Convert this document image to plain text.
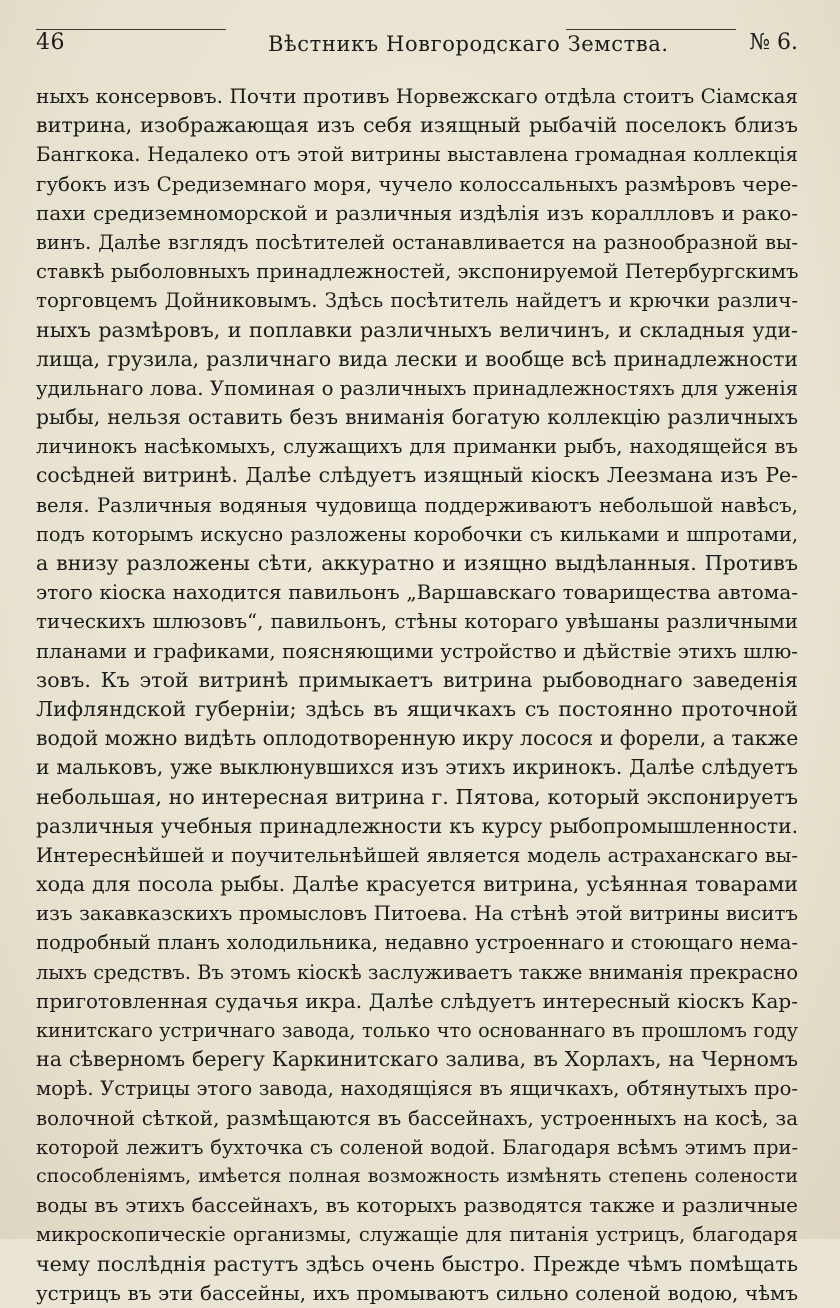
46	Вѣстникъ Новгородскаго Земства.	№ 6.
ныхъ консервовъ. Почти противъ Норвежскаго отдѣла стоитъ Сіамская
витрина, изображающая изъ себя изящный рыбачій поселокъ близъ
Бангкока. Недалеко отъ этой витрины выставлена громадная коллекція
губокъ изъ Средиземнаго моря, чучело колоссальныхъ размѣровъ чере-
пахи средиземноморской и различныя издѣлія изъ кораллловъ и рако-
винъ. Далѣе взглядъ посѣтителей останавливается на разнообразной вы-
ставкѣ рыболовныхъ принадлежностей, экспонируемой Петербургскимъ
торговцемъ Дойниковымъ. Здѣсь посѣтитель найдетъ и крючки различ-
ныхъ размѣровъ, и поплавки различныхъ величинъ, и складныя уди-
лища, грузила, различнаго вида лески и вообще всѣ принадлежности
удильнаго лова. Упоминая о различныхъ принадлежностяхъ для уженія
рыбы, нельзя оставить безъ вниманія богатую коллекцію различныхъ
личинокъ насѣкомыхъ, служащихъ для приманки рыбъ, находящейся въ
сосѣдней витринѣ. Далѣе слѣдуетъ изящный кіоскъ Леезмана изъ Ре-
веля. Различныя водяныя чудовища поддерживаютъ небольшой навѣсъ,
подъ которымъ искусно разложены коробочки съ кильками и шпротами,
а внизу разложены сѣти, аккуратно и изящно выдѣланныя. Противъ
этого кіоска находится павильонъ „Варшавскаго товарищества автома-
тическихъ шлюзовъ“, павильонъ, стѣны котораго увѣшаны различными
планами и графиками, поясняющими устройство и дѣйствіе этихъ шлю-
зовъ. Къ этой витринѣ примыкаетъ витрина рыбоводнаго заведенія
Лифляндской губерніи; здѣсь въ ящичкахъ съ постоянно проточной
водой можно видѣть оплодотворенную икру лосося и форели, а также
и мальковъ, уже выклюнувшихся изъ этихъ икринокъ. Далѣе слѣдуетъ
небольшая, но интересная витрина г. Пятова, который экспонируетъ
различныя учебныя принадлежности къ курсу рыбопромышленности.
Интереснѣйшей и поучительнѣйшей является модель астраханскаго вы-
хода для посола рыбы. Далѣе красуется витрина, усѣянная товарами
изъ закавказскихъ промысловъ Питоева. На стѣнѣ этой витрины виситъ
подробный планъ холодильника, недавно устроеннаго и стоющаго нема-
лыхъ средствъ. Въ этомъ кіоскѣ заслуживаетъ также вниманія прекрасно
приготовленная судачья икра. Далѣе слѣдуетъ интересный кіоскъ Кар-
кинитскаго устричнаго завода, только что основаннаго въ прошломъ году
на сѣверномъ берегу Каркинитскаго залива, въ Хорлахъ, на Черномъ
морѣ. Устрицы этого завода, находящіяся въ ящичкахъ, обтянутыхъ про-
волочной сѣткой, размѣщаются въ бассейнахъ, устроенныхъ на косѣ, за
которой лежитъ бухточка съ соленой водой. Благодаря всѣмъ этимъ при-
способленіямъ, имѣется полная возможность измѣнять степень солености
воды въ этихъ бассейнахъ, въ которыхъ разводятся также и различные
микроскопическіе организмы, служащіе для питанія устрицъ, благодаря
чему послѣднія растутъ здѣсь очень быстро. Прежде чѣмъ помѣщать
устрицъ въ эти бассейны, ихъ промываютъ сильно соленой водою, чѣмъ
